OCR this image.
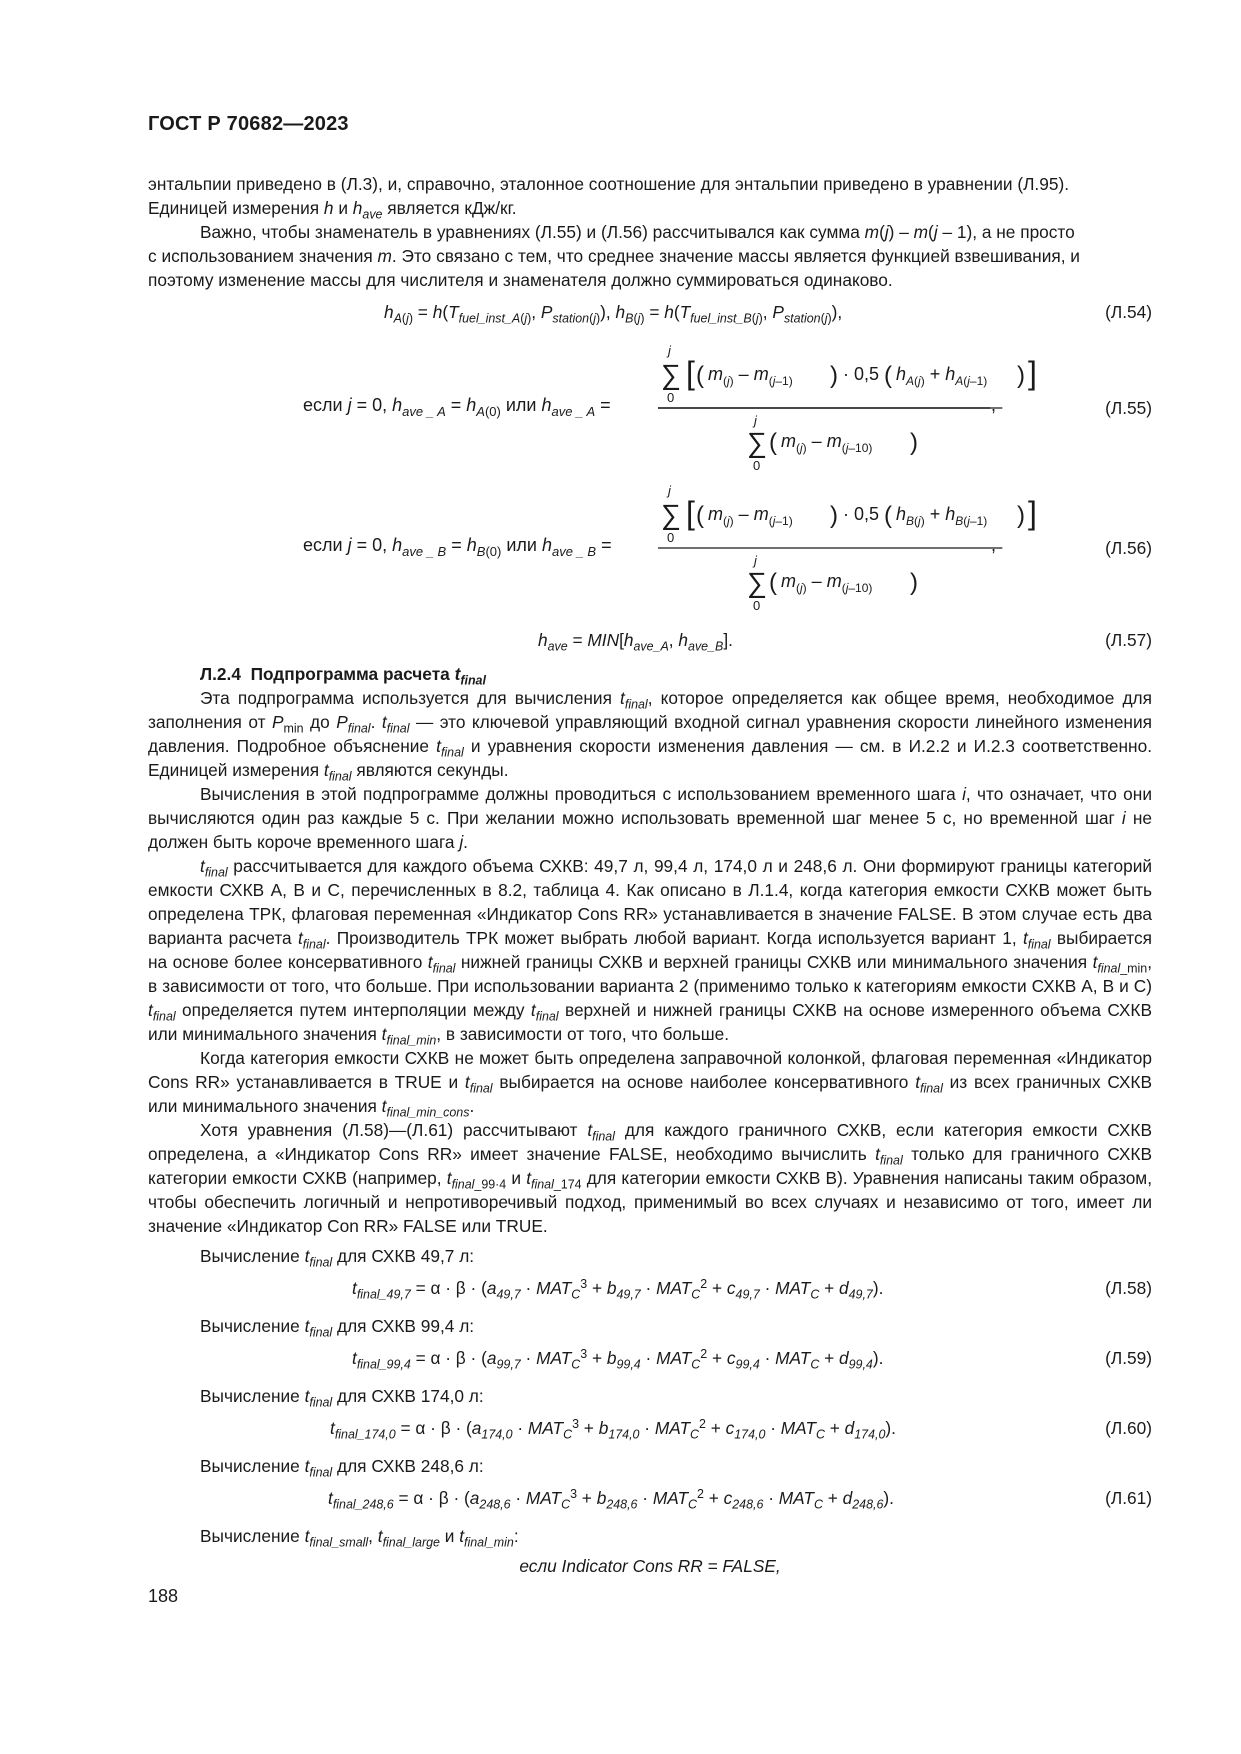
ГОСТ Р 70682—2023

энтальпии приведено в (Л.3), и, справочно, эталонное соотношение для энтальпии приведено в уравнении (Л.95).
Единицей измерения h и $h_{ave}$ является кДж/кг.

Важно, чтобы знаменатель в уравнениях (Л.55) и (Л.56) рассчитывался как сумма m(j) – m(j – 1), а не просто
с использованием значения m. Это связано с тем, что среднее значение массы является функцией взвешивания, и
поэтому изменение массы для числителя и знаменателя должно суммироваться одинаково.

$h_{A(j)} = h(T_{fuel\_inst\_A(j)}$, $P_{station(j)}$), $h_{B(j)} = h(T_{fuel\_inst\_B(j)}$, $P_{station(j)}$),	(Л.54)
если j = 0, $h_{ave \_ A} = h_A(0)$ или $h_{ave \_ A}$ =
j
∑
0
[ ( $m_(j) - m_(j-1$) ) · 0,5 ( $h_A(j) + h_A(j-1)$ ) ]
,
j
∑
0
( $m_(j) - m_(j-10$) )
(Л.55)
если j = 0, $h_{ave \_ B} = h_B(0)$ или $h_{ave \_ B}$ =
j
∑
0
[ ( $m_(j) - m_(j-1$) ) · 0,5 ( $h_B(j) + h_B(j-1)$ ) ]
,
j
∑
0
( $m_(j) - m_(j-10$) )
(Л.56)
$h_{ave} = MIN[h_{ave\_A}$, $h_{ave\_B}$].	(Л.57)
Л.2.4 Подпрограмма расчета $t_{final}$

Эта подпрограмма используется для вычисления $t_{final}$, которое определяется как общее время, необходимое для заполнения от $P_{min}$ до $P_{final}$. $t_{final}$ — это ключевой управляющий входной сигнал уравнения скорости линейного изменения давления. Подробное объяснение $t_{final}$ и уравнения скорости изменения давления — см. в И.2.2 и И.2.3 соответственно. Единицей измерения $t_{final}$ являются секунды.

Вычисления в этой подпрограмме должны проводиться с использованием временного шага i, что означает, что они вычисляются один раз каждые 5 с. При желании можно использовать временной шаг менее 5 с, но временной шаг i не должен быть короче временного шага j.

$t_{final}$ рассчитывается для каждого объема СХКВ: 49,7 л, 99,4 л, 174,0 л и 248,6 л. Они формируют границы категорий емкости СХКВ А, В и С, перечисленных в 8.2, таблица 4. Как описано в Л.1.4, когда категория емкости СХКВ может быть определена ТРК, флаговая переменная «Индикатор Cons RR» устанавливается в значение FALSE. В этом случае есть два варианта расчета $t_{final}$. Производитель ТРК может выбрать любой вариант. Когда используется вариант 1, $t_{final}$ выбирается на основе более консервативного $t_{final}$ нижней границы СХКВ и верхней границы СХКВ или минимального значения $t_{final\_min}$, в зависимости от того, что больше. При использовании варианта 2 (применимо только к категориям емкости СХКВ А, В и С) $t_{final}$ определяется путем интерполяции между $t_{final}$ верхней и нижней границы СХКВ на основе измеренного объема СХКВ или минимального значения $t_{final\_min}$, в зависимости от того, что больше.

Когда категория емкости СХКВ не может быть определена заправочной колонкой, флаговая переменная «Индикатор Cons RR» устанавливается в TRUE и $t_{final}$ выбирается на основе наиболее консервативного $t_{final}$ из всех граничных СХКВ или минимального значения $t_{final\_min\_cons}$.

Хотя уравнения (Л.58)—(Л.61) рассчитывают $t_{final}$ для каждого граничного СХКВ, если категория емкости СХКВ определена, а «Индикатор Cons RR» имеет значение FALSE, необходимо вычислить $t_{final}$ только для граничного СХКВ категории емкости СХКВ (например, $t_{final\_99\cdot 4}$ и $t_{final\_174}$ для категории емкости СХКВ В). Уравнения написаны таким образом, чтобы обеспечить логичный и непротиворечивый подход, применимый во всех случаях и независимо от того, имеет ли значение «Индикатор Con RR» FALSE или TRUE.

Вычисление $t_{final}$ для СХКВ 49,7 л:
$t_{final\_49,7} = \alpha \cdot \beta \cdot (a_{49,7} \cdot MAT_C^3 + b_{49,7} \cdot MAT_C^2 + c_{49,7} \cdot MAT_C + d_{49,7})$.	(Л.58)
Вычисление $t_{final}$ для СХКВ 99,4 л:
$t_{final\_99,4} = \alpha \cdot \beta \cdot (a_{99,7} \cdot MAT_C^3 + b_{99,4} \cdot MAT_C^2 + c_{99,4} \cdot MAT_C + d_{99,4})$.	(Л.59)
Вычисление $t_{final}$ для СХКВ 174,0 л:
$t_{final\_174,0} = \alpha \cdot \beta \cdot (a_{174,0} \cdot MAT_C^3 + b_{174,0} \cdot MAT_C^2 + c_{174,0} \cdot MAT_C + d_{174,0})$.	(Л.60)
Вычисление $t_{final}$ для СХКВ 248,6 л:
$t_{final\_248,6} = \alpha \cdot \beta \cdot (a_{248,6} \cdot MAT_C^3 + b_{248,6} \cdot MAT_C^2 + c_{248,6} \cdot MAT_C + d_{248,6})$.	(Л.61)
Вычисление $t_{final\_small}$, $t_{final\_large}$ и $t_{final\_min}$:
если Indicator Cons RR = FALSE,
188
